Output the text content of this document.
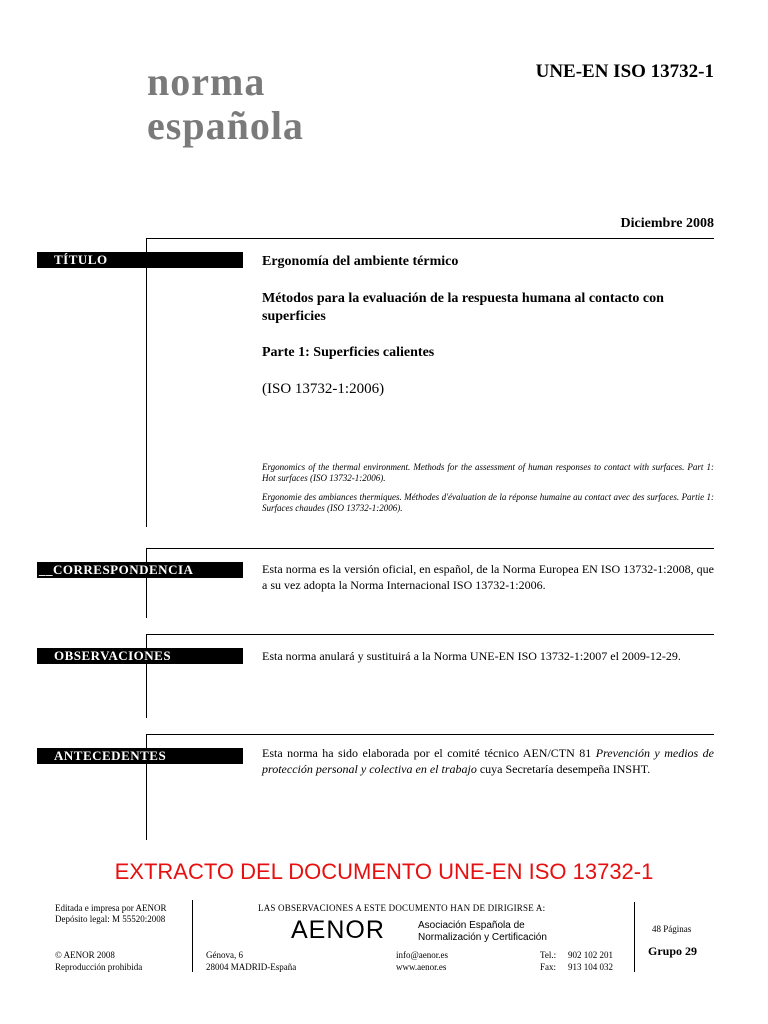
norma
española
UNE-EN ISO 13732-1
Diciembre 2008
TÍTULO	Ergonomía del ambiente térmico

Métodos para la evaluación de la respuesta humana al contacto con superficies

Parte 1: Superficies calientes

(ISO 13732-1:2006)

Ergonomics of the thermal environment. Methods for the assessment of human responses to contact with surfaces. Part 1: Hot surfaces (ISO 13732-1:2006).

Ergonomie des ambiances thermiques. Méthodes d'évaluation de la réponse humaine au contact avec des surfaces. Partie 1: Surfaces chaudes (ISO 13732-1:2006).

__CORRESPONDENCIA	Esta norma es la versión oficial, en español, de la Norma Europea EN ISO 13732-1:2008, que a su vez adopta la Norma Internacional ISO 13732-1:2006.

OBSERVACIONES	Esta norma anulará y sustituirá a la Norma UNE-EN ISO 13732-1:2007 el 2009-12-29.

ANTECEDENTES	Esta norma ha sido elaborada por el comité técnico AEN/CTN 81 Prevención y medios de protección personal y colectiva en el trabajo cuya Secretaría desempeña INSHT.

EXTRACTO DEL DOCUMENTO UNE-EN ISO 13732-1
Editada e impresa por AENOR
Depósito legal: M 55520:2008
© AENOR 2008
Reproducción prohibida
LAS OBSERVACIONES A ESTE DOCUMENTO HAN DE DIRIGIRSE A:
AENOR	Asociación Española de
Normalización y Certificación
Génova, 6
28004 MADRID-España
info@aenor.es
www.aenor.es
Tel.: 902 102 201
Fax: 913 104 032
48 Páginas
Grupo 29
